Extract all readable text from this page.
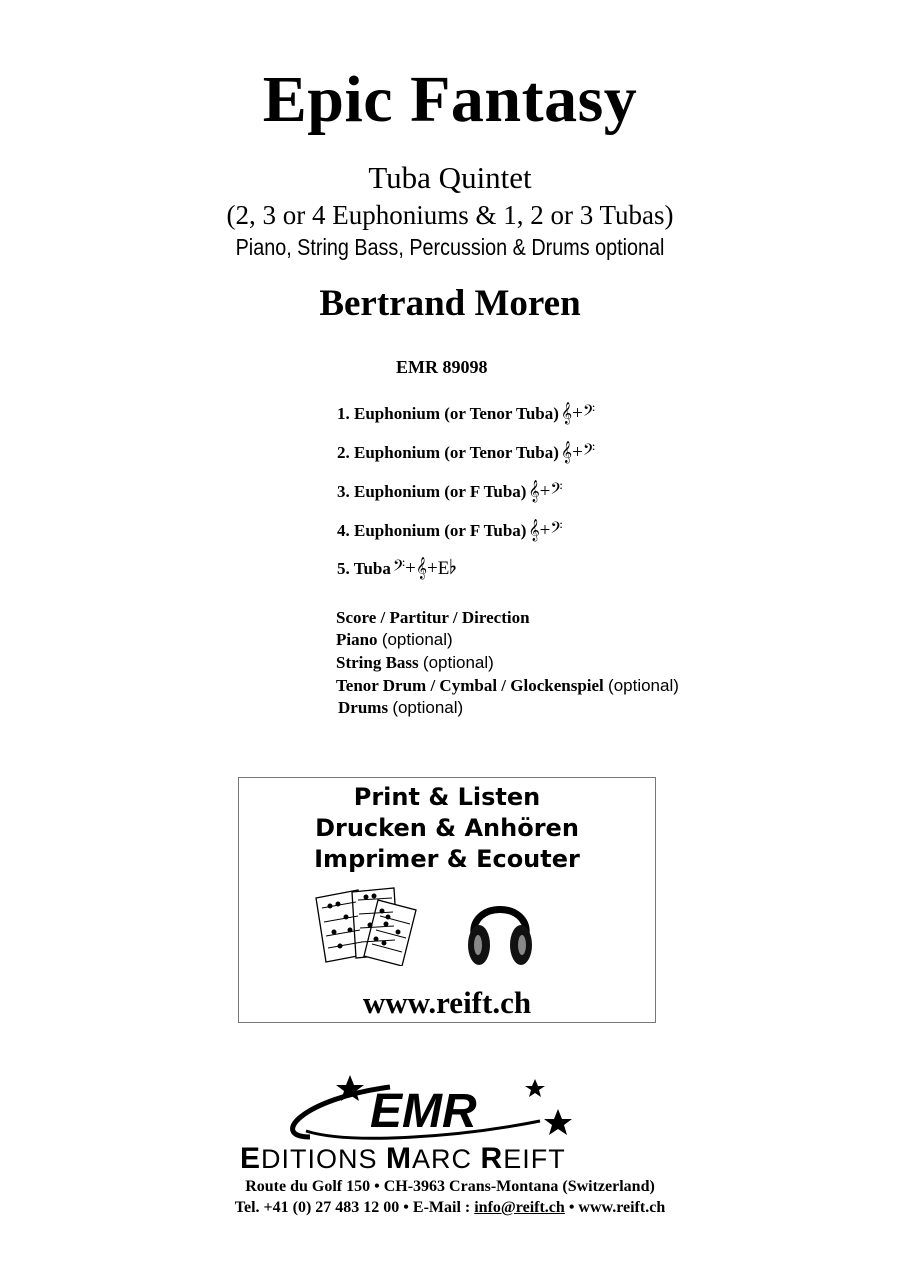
Epic Fantasy
Tuba Quintet
(2, 3 or 4 Euphoniums & 1, 2 or 3 Tubas)
Piano, String Bass, Percussion & Drums optional
Bertrand Moren
EMR 89098
1. Euphonium (or Tenor Tuba) 𝄞+𝄢
2. Euphonium (or Tenor Tuba) 𝄞+𝄢
3. Euphonium (or F Tuba) 𝄞+𝄢
4. Euphonium (or F Tuba) 𝄞+𝄢
5. Tuba 𝄢+𝄞+E♭
Score / Partitur / Direction
Piano (optional)
String Bass (optional)
Tenor Drum / Cymbal / Glockenspiel (optional)
Drums (optional)
Print & Listen
Drucken & Anhören
Imprimer & Ecouter
www.reift.ch
EMR
EDITIONS MARC REIFT
Route du Golf 150 • CH-3963 Crans-Montana (Switzerland)
Tel. +41 (0) 27 483 12 00 • E-Mail : info@reift.ch • www.reift.ch
